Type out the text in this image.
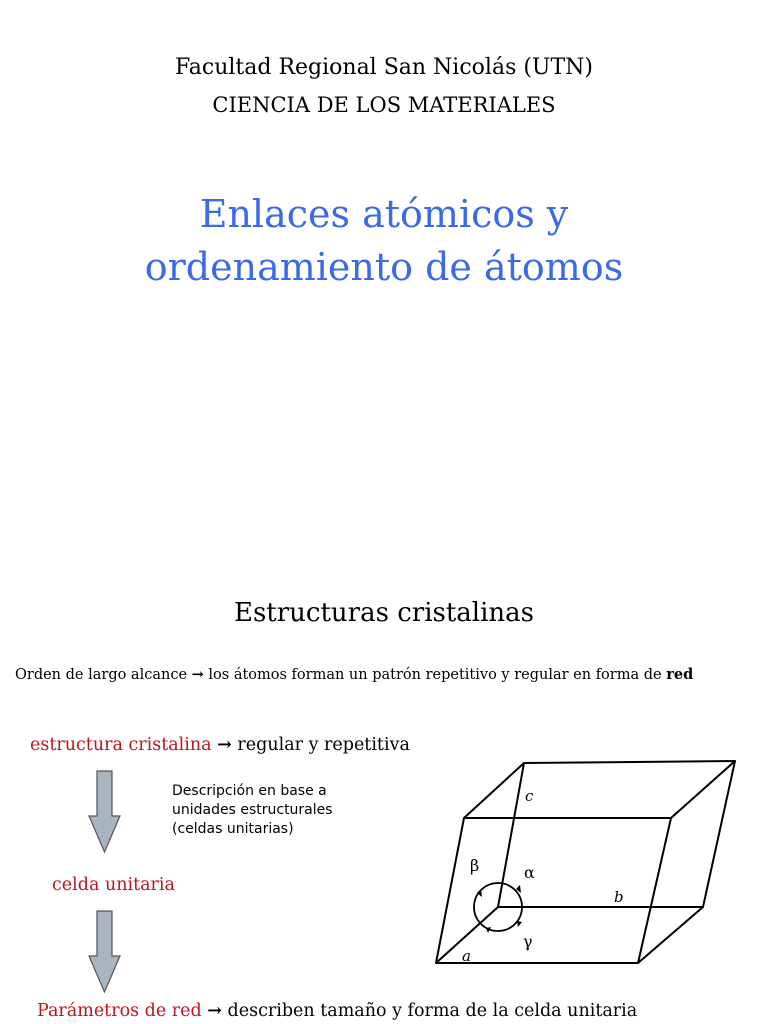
Facultad Regional San Nicolás (UTN)
CIENCIA DE LOS MATERIALES
Enlaces atómicos y
ordenamiento de átomos
Estructuras cristalinas
Orden de largo alcance → los átomos forman un patrón repetitivo y regular en forma de red
estructura cristalina → regular y repetitiva
celda unitaria
Parámetros de red → describen tamaño y forma de la celda unitaria
Descripción en base a
unidades estructurales
(celdas unitarias)
c
b
a
α
β
γ
